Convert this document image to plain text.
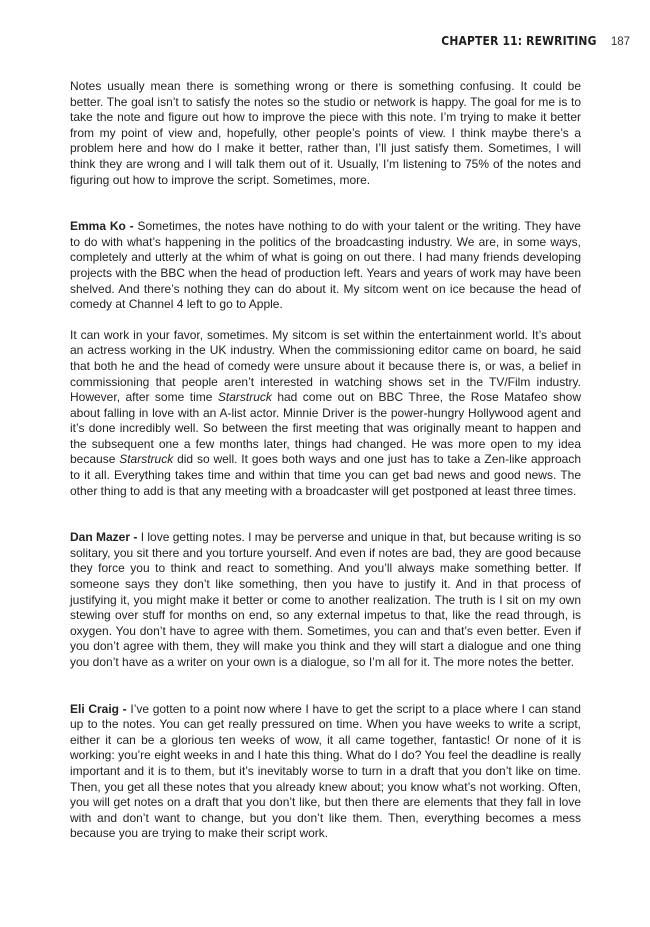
CHAPTER 11: REWRITING 187

Notes usually mean there is something wrong or there is something confusing. It could be better. The goal isn’t to satisfy the notes so the studio or network is happy. The goal for me is to take the note and figure out how to improve the piece with this note. I’m trying to make it better from my point of view and, hopefully, other people’s points of view. I think maybe there’s a problem here and how do I make it better, rather than, I’ll just satisfy them. Sometimes, I will think they are wrong and I will talk them out of it. Usually, I’m listening to 75% of the notes and figuring out how to improve the script. Sometimes, more.

Emma Ko - Sometimes, the notes have nothing to do with your talent or the writing. They have to do with what’s happening in the politics of the broadcasting industry. We are, in some ways, completely and utterly at the whim of what is going on out there. I had many friends developing projects with the BBC when the head of production left. Years and years of work may have been shelved. And there’s nothing they can do about it. My sitcom went on ice because the head of comedy at Channel 4 left to go to Apple.

It can work in your favor, sometimes. My sitcom is set within the entertainment world. It’s about an actress working in the UK industry. When the commissioning editor came on board, he said that both he and the head of comedy were unsure about it because there is, or was, a belief in commissioning that people aren’t interested in watching shows set in the TV/Film industry. However, after some time Starstruck had come out on BBC Three, the Rose Matafeo show about falling in love with an A-list actor. Minnie Driver is the power-hungry Hollywood agent and it’s done incredibly well. So between the first meeting that was originally meant to happen and the subsequent one a few months later, things had changed. He was more open to my idea because Starstruck did so well. It goes both ways and one just has to take a Zen-like approach to it all. Everything takes time and within that time you can get bad news and good news. The other thing to add is that any meeting with a broadcaster will get postponed at least three times.

Dan Mazer - I love getting notes. I may be perverse and unique in that, but because writing is so solitary, you sit there and you torture yourself. And even if notes are bad, they are good because they force you to think and react to something. And you’ll always make something better. If someone says they don’t like something, then you have to justify it. And in that process of justifying it, you might make it better or come to another realization. The truth is I sit on my own stewing over stuff for months on end, so any external impetus to that, like the read through, is oxygen. You don’t have to agree with them. Sometimes, you can and that’s even better. Even if you don’t agree with them, they will make you think and they will start a dialogue and one thing you don’t have as a writer on your own is a dialogue, so I’m all for it. The more notes the better.

Eli Craig - I’ve gotten to a point now where I have to get the script to a place where I can stand up to the notes. You can get really pressured on time. When you have weeks to write a script, either it can be a glorious ten weeks of wow, it all came together, fantastic! Or none of it is working: you’re eight weeks in and I hate this thing. What do I do? You feel the deadline is really important and it is to them, but it’s inevitably worse to turn in a draft that you don’t like on time. Then, you get all these notes that you already knew about; you know what’s not working. Often, you will get notes on a draft that you don’t like, but then there are elements that they fall in love with and don’t want to change, but you don’t like them. Then, everything becomes a mess because you are trying to make their script work.
